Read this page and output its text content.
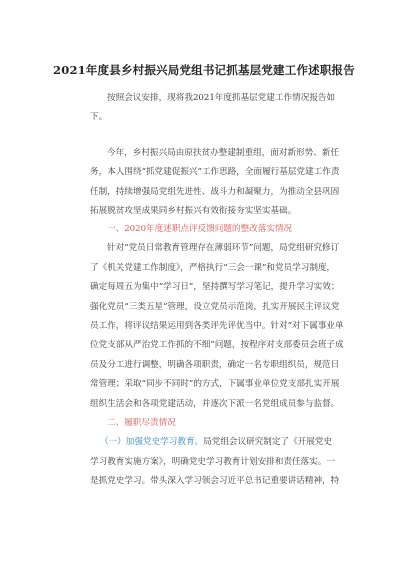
2021年度县乡村振兴局党组书记抓基层党建工作述职报告

按照会议安排，现将我2021年度抓基层党建工作情况报告如
下。

今年，乡村振兴局由原扶贫办整建制重组，面对新形势、新任
务，本人围绕“抓党建促振兴”工作思路，全面履行基层党建工作责
任制，持续增强局党组先进性、战斗力和凝聚力，为推动全县巩固
拓展脱贫攻坚成果同乡村振兴有效衔接夯实坚实基础。

一、2020年度述职点评反馈问题的整改落实情况

针对“党员日常教育管理存在薄弱环节”问题，局党组研究修订
了《机关党建工作制度》，严格执行“三会一课”和党员学习制度，
确定每周五为集中“学习日”，坚持撰写学习笔记，提升学习实效；
强化党员“三类五星”管理，设立党员示范岗，扎实开展民主评议党
员工作，将评议结果运用到各类评先评优当中。针对“对下属事业单
位党支部从严治党工作抓的不细”问题，按程序对支部委员会班子成
员及分工进行调整，明确各项职责，确定一名专职组织员，规范日
常管理；采取“同步不同时”的方式，下属事业单位党支部扎实开展
组织生活会和各项党建活动，并逐次下派一名党组成员参与监督。

二、履职尽责情况

（一）加强党史学习教育。局党组会议研究制定了《开展党史
学习教育实施方案》，明确党史学习教育计划安排和责任落实。一
是抓党史学习。带头深入学习领会习近平总书记重要讲话精神，特
